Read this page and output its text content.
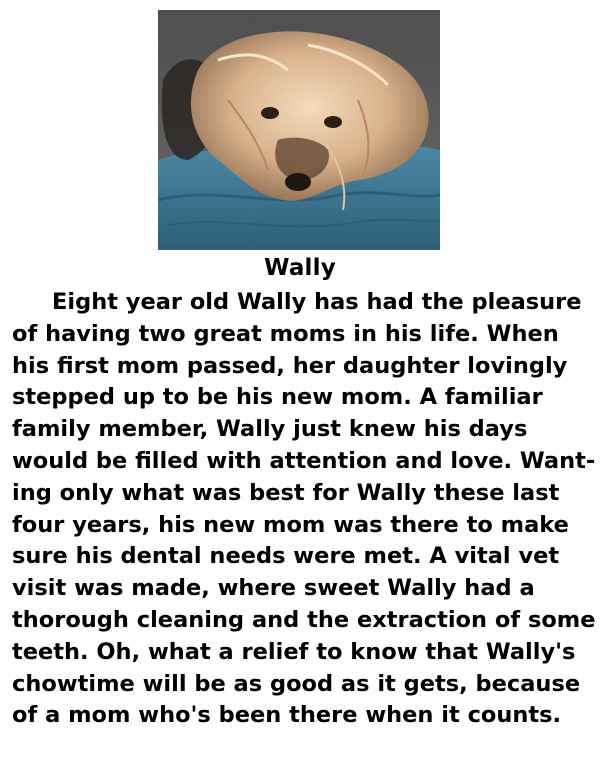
Wally

Eight year old Wally has had the pleasure
of having two great moms in his life. When
his first mom passed, her daughter lovingly
stepped up to be his new mom. A familiar
family member, Wally just knew his days
would be filled with attention and love. Want-
ing only what was best for Wally these last
four years, his new mom was there to make
sure his dental needs were met. A vital vet
visit was made, where sweet Wally had a
thorough cleaning and the extraction of some
teeth. Oh, what a relief to know that Wally's
chowtime will be as good as it gets, because
of a mom who's been there when it counts.
